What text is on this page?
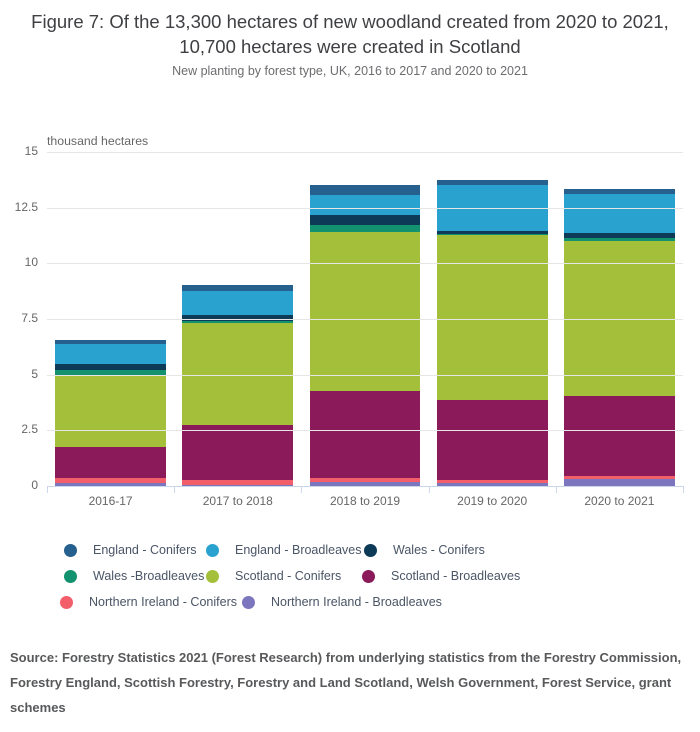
Figure 7: Of the 13,300 hectares of new woodland created from 2020 to 2021, 10,700 hectares were created in Scotland
New planting by forest type, UK, 2016 to 2017 and 2020 to 2021
thousand hectares
0
2.5
5
7.5
10
12.5
15
2016-17	2017 to 2018	2018 to 2019	2019 to 2020	2020 to 2021
England - Conifers	England - Broadleaves	Wales - Conifers
Wales -Broadleaves Scotland - Conifers	Scotland - Broadleaves
Northern Ireland - Conifers	Northern Ireland - Broadleaves
Source: Forestry Statistics 2021 (Forest Research) from underlying statistics from the Forestry Commission, Forestry England, Scottish Forestry, Forestry and Land Scotland, Welsh Government, Forest Service, grant schemes
